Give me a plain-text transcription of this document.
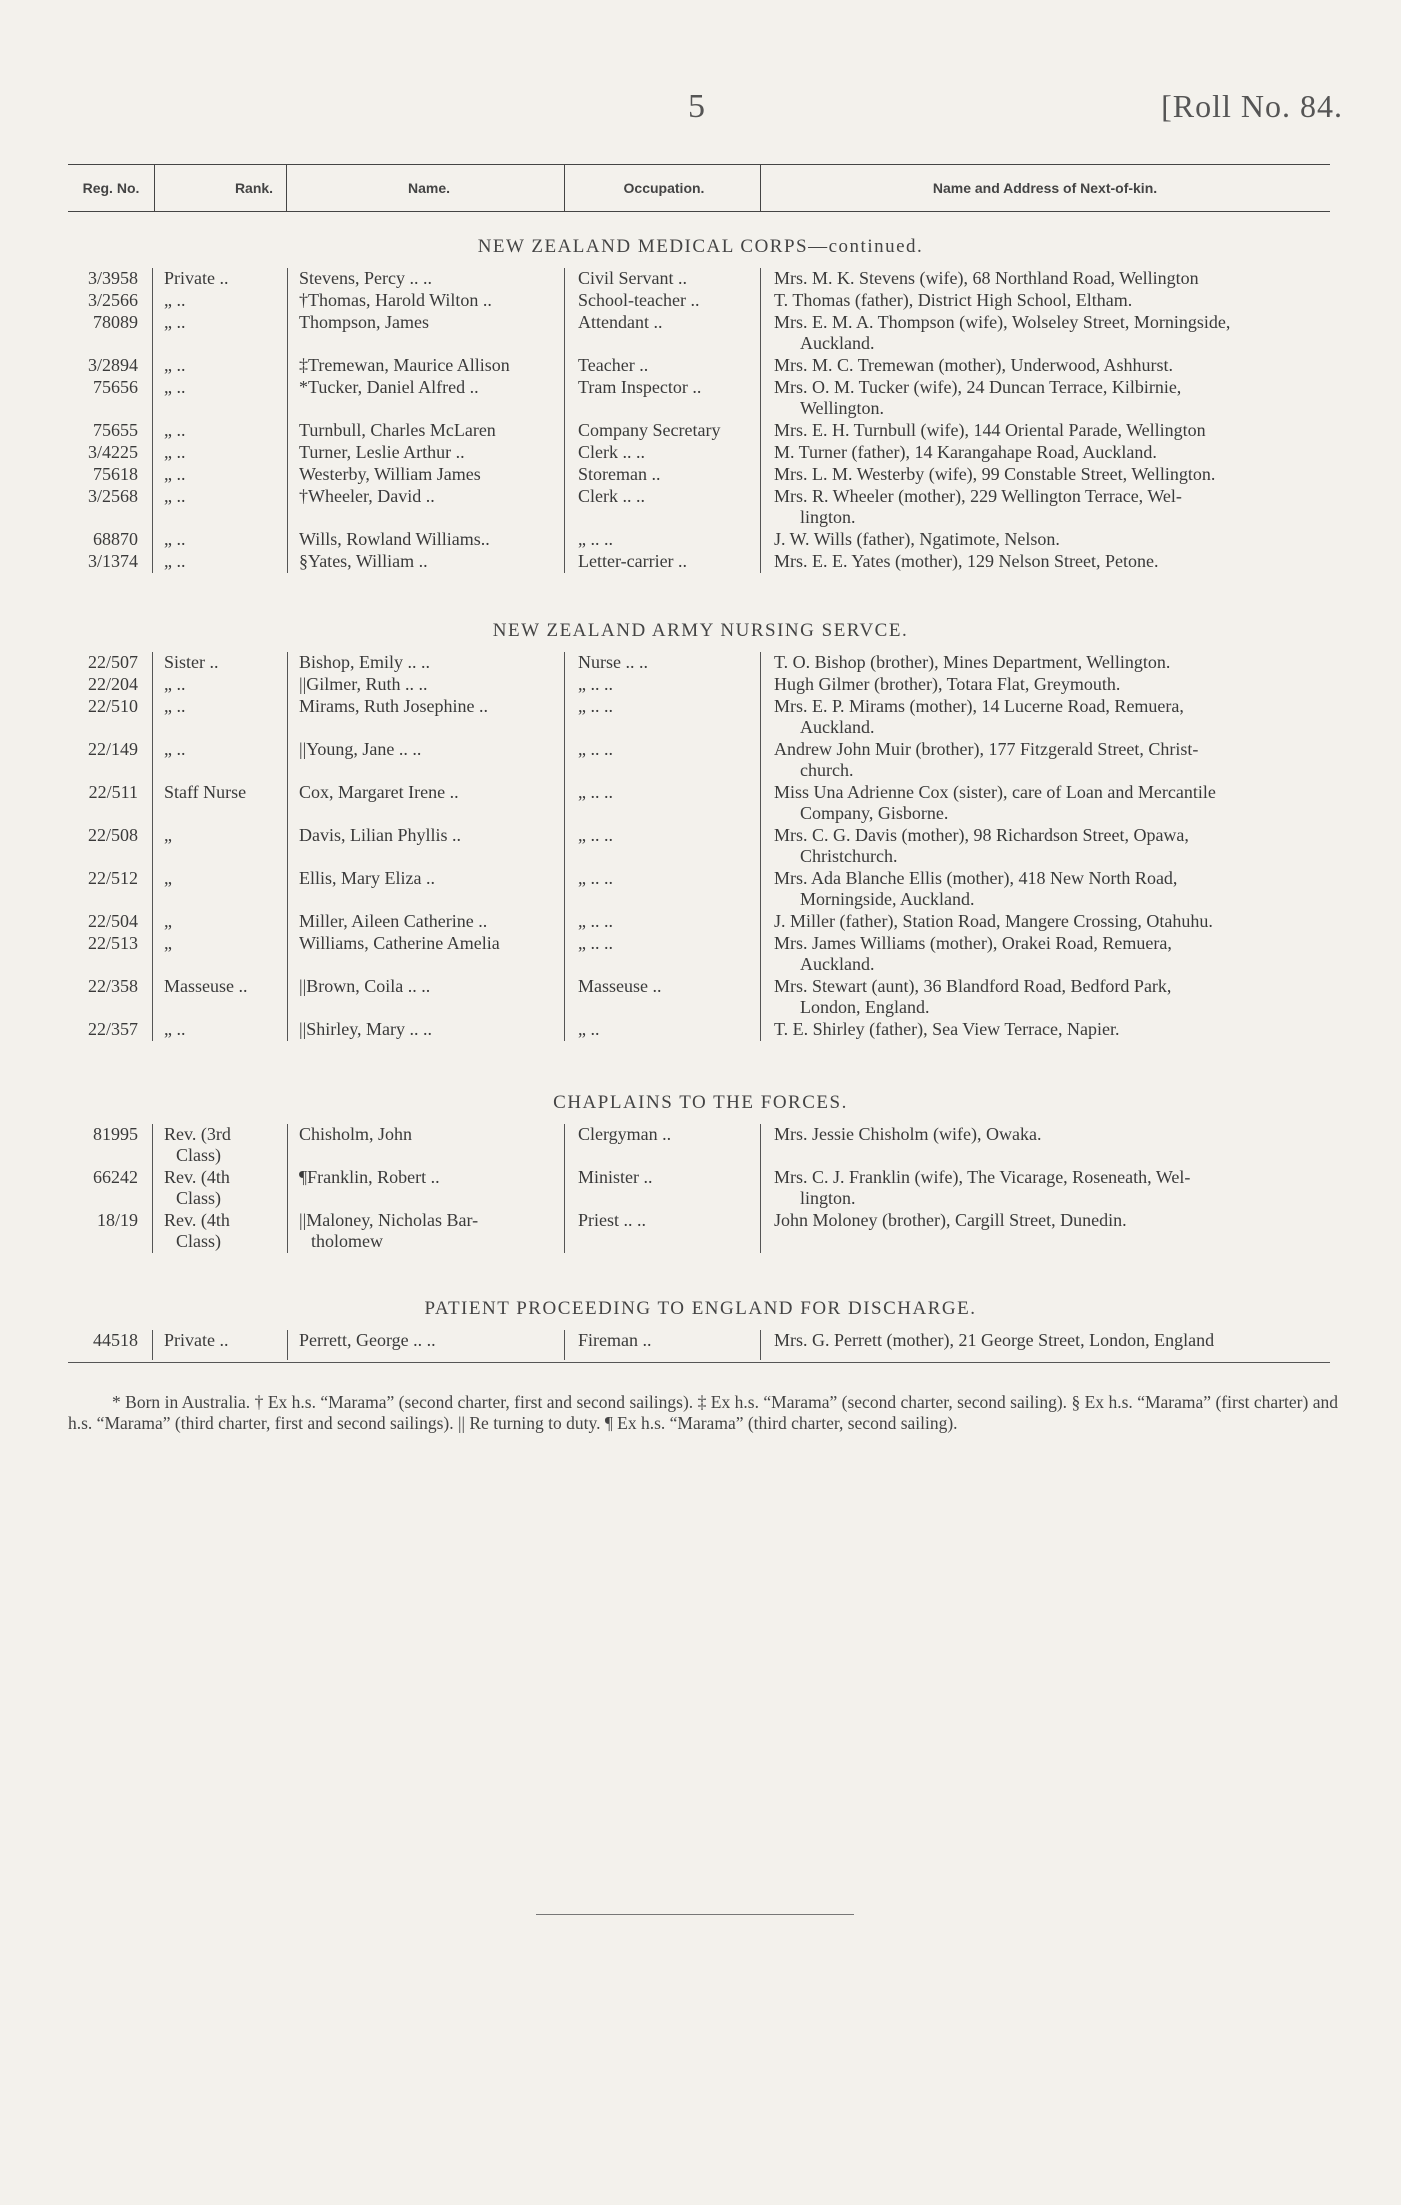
5	[Roll No. 84.
Reg. No.	Rank.	Name.	Occupation.	Name and Address of Next-of-kin.
NEW ZEALAND MEDICAL CORPS—continued.
3/3958	Private ..	Stevens, Percy .. ..	Civil Servant ..	Mrs. M. K. Stevens (wife), 68 Northland Road, Wellington
3/2566	„ ..	†Thomas, Harold Wilton ..	School-teacher ..	T. Thomas (father), District High School, Eltham.
78089	„ ..	Thompson, James	Attendant ..	Mrs. E. M. A. Thompson (wife), Wolseley Street, Morningside,
Auckland.
3/2894	„ ..	‡Tremewan, Maurice Allison	Teacher ..	Mrs. M. C. Tremewan (mother), Underwood, Ashhurst.
75656	„ ..	*Tucker, Daniel Alfred ..	Tram Inspector ..	Mrs. O. M. Tucker (wife), 24 Duncan Terrace, Kilbirnie,
Wellington.
75655	„ ..	Turnbull, Charles McLaren	Company Secretary	Mrs. E. H. Turnbull (wife), 144 Oriental Parade, Wellington
3/4225	„ ..	Turner, Leslie Arthur ..	Clerk .. ..	M. Turner (father), 14 Karangahape Road, Auckland.
75618	„ ..	Westerby, William James	Storeman ..	Mrs. L. M. Westerby (wife), 99 Constable Street, Wellington.
3/2568	„ ..	†Wheeler, David ..	Clerk .. ..	Mrs. R. Wheeler (mother), 229 Wellington Terrace, Wel-
lington.
68870	„ ..	Wills, Rowland Williams..	„ .. ..	J. W. Wills (father), Ngatimote, Nelson.
3/1374	„ ..	§Yates, William ..	Letter-carrier ..	Mrs. E. E. Yates (mother), 129 Nelson Street, Petone.
NEW ZEALAND ARMY NURSING SERVCE.
22/507	Sister ..	Bishop, Emily .. ..	Nurse .. ..	T. O. Bishop (brother), Mines Department, Wellington.
22/204	„ ..	||Gilmer, Ruth .. ..	„ .. ..	Hugh Gilmer (brother), Totara Flat, Greymouth.
22/510	„ ..	Mirams, Ruth Josephine ..	„ .. ..	Mrs. E. P. Mirams (mother), 14 Lucerne Road, Remuera,
Auckland.
22/149	„ ..	||Young, Jane .. ..	„ .. ..	Andrew John Muir (brother), 177 Fitzgerald Street, Christ-
church.
22/511	Staff Nurse	Cox, Margaret Irene ..	„ .. ..	Miss Una Adrienne Cox (sister), care of Loan and Mercantile
Company, Gisborne.
22/508	„	Davis, Lilian Phyllis ..	„ .. ..	Mrs. C. G. Davis (mother), 98 Richardson Street, Opawa,
Christchurch.
22/512	„	Ellis, Mary Eliza ..	„ .. ..	Mrs. Ada Blanche Ellis (mother), 418 New North Road,
Morningside, Auckland.
22/504	„	Miller, Aileen Catherine ..	„ .. ..	J. Miller (father), Station Road, Mangere Crossing, Otahuhu.
22/513	„	Williams, Catherine Amelia	„ .. ..	Mrs. James Williams (mother), Orakei Road, Remuera,
Auckland.
22/358	Masseuse ..	||Brown, Coila .. ..	Masseuse ..	Mrs. Stewart (aunt), 36 Blandford Road, Bedford Park,
London, England.
22/357	„ ..	||Shirley, Mary .. ..	„ ..	T. E. Shirley (father), Sea View Terrace, Napier.
CHAPLAINS TO THE FORCES.
81995	Rev. (3rd
Class)
Chisholm, John	Clergyman ..	Mrs. Jessie Chisholm (wife), Owaka.
66242	Rev. (4th
Class)
¶Franklin, Robert ..	Minister ..	Mrs. C. J. Franklin (wife), The Vicarage, Roseneath, Wel-
lington.
18/19	Rev. (4th
Class)
||Maloney, Nicholas Bar-
tholomew
Priest .. ..	John Moloney (brother), Cargill Street, Dunedin.
PATIENT PROCEEDING TO ENGLAND FOR DISCHARGE.
44518	Private ..	Perrett, George .. ..	Fireman ..	Mrs. G. Perrett (mother), 21 George Street, London, England
* Born in Australia. † Ex h.s. “Marama” (second charter, first and second sailings). ‡ Ex h.s. “Marama” (second charter, second sailing). § Ex h.s. “Marama” (first charter) and h.s. “Marama” (third charter, first and second sailings). || Re turning to duty. ¶ Ex h.s. “Marama” (third charter, second sailing).
